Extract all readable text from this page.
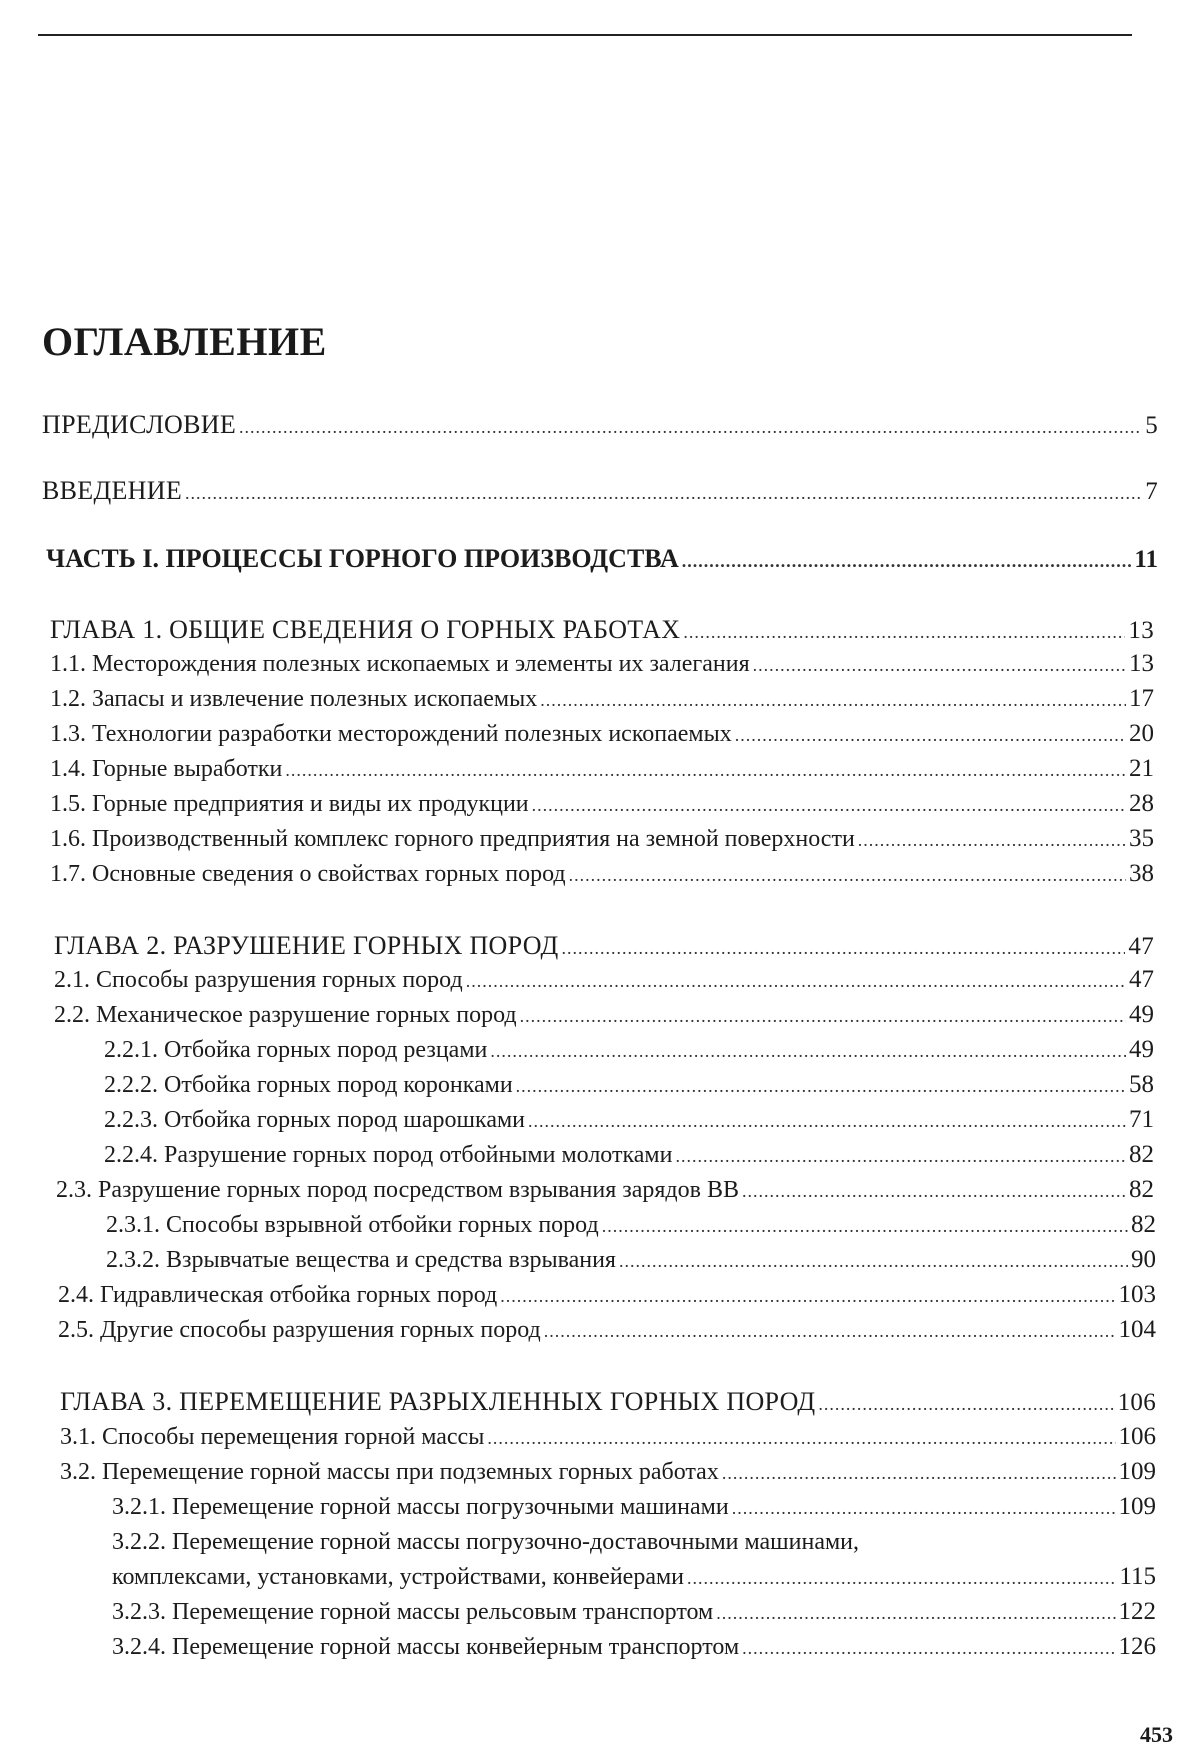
ОГЛАВЛЕНИЕ
ПРЕДИСЛОВИЕ
.....	5
ВВЕДЕНИЕ
.....	7
ЧАСТЬ I. ПРОЦЕССЫ ГОРНОГО ПРОИЗВОДСТВА
.....	11
ГЛАВА 1. ОБЩИЕ СВЕДЕНИЯ О ГОРНЫХ РАБОТАХ
.....	13
1.1. Месторождения полезных ископаемых и элементы их залегания
.....	13
1.2. Запасы и извлечение полезных ископаемых
.....	17
1.3. Технологии разработки месторождений полезных ископаемых
.....	20
1.4. Горные выработки
.....	21
1.5. Горные предприятия и виды их продукции
.....	28
1.6. Производственный комплекс горного предприятия на земной поверхности
.....	35
1.7. Основные сведения о свойствах горных пород
.....	38
ГЛАВА 2. РАЗРУШЕНИЕ ГОРНЫХ ПОРОД
.....	47
2.1. Способы разрушения горных пород
.....	47
2.2. Механическое разрушение горных пород
.....	49
2.2.1. Отбойка горных пород резцами
.....	49
2.2.2. Отбойка горных пород коронками
.....	58
2.2.3. Отбойка горных пород шарошками
.....	71
2.2.4. Разрушение горных пород отбойными молотками
.....	82
2.3. Разрушение горных пород посредством взрывания зарядов ВВ
.....	82
2.3.1. Способы взрывной отбойки горных пород
.....	82
2.3.2. Взрывчатые вещества и средства взрывания
.....	90
2.4. Гидравлическая отбойка горных пород
.....	103
2.5. Другие способы разрушения горных пород
.....	104
ГЛАВА 3. ПЕРЕМЕЩЕНИЕ РАЗРЫХЛЕННЫХ ГОРНЫХ ПОРОД
.....	106
3.1. Способы перемещения горной массы
.....	106
3.2. Перемещение горной массы при подземных горных работах
.....	109
3.2.1. Перемещение горной массы погрузочными машинами
.....	109
3.2.2. Перемещение горной массы погрузочно-доставочными машинами,
комплексами, установками, устройствами, конвейерами
.....	115
3.2.3. Перемещение горной массы рельсовым транспортом
.....	122
3.2.4. Перемещение горной массы конвейерным транспортом
.....	126
453
